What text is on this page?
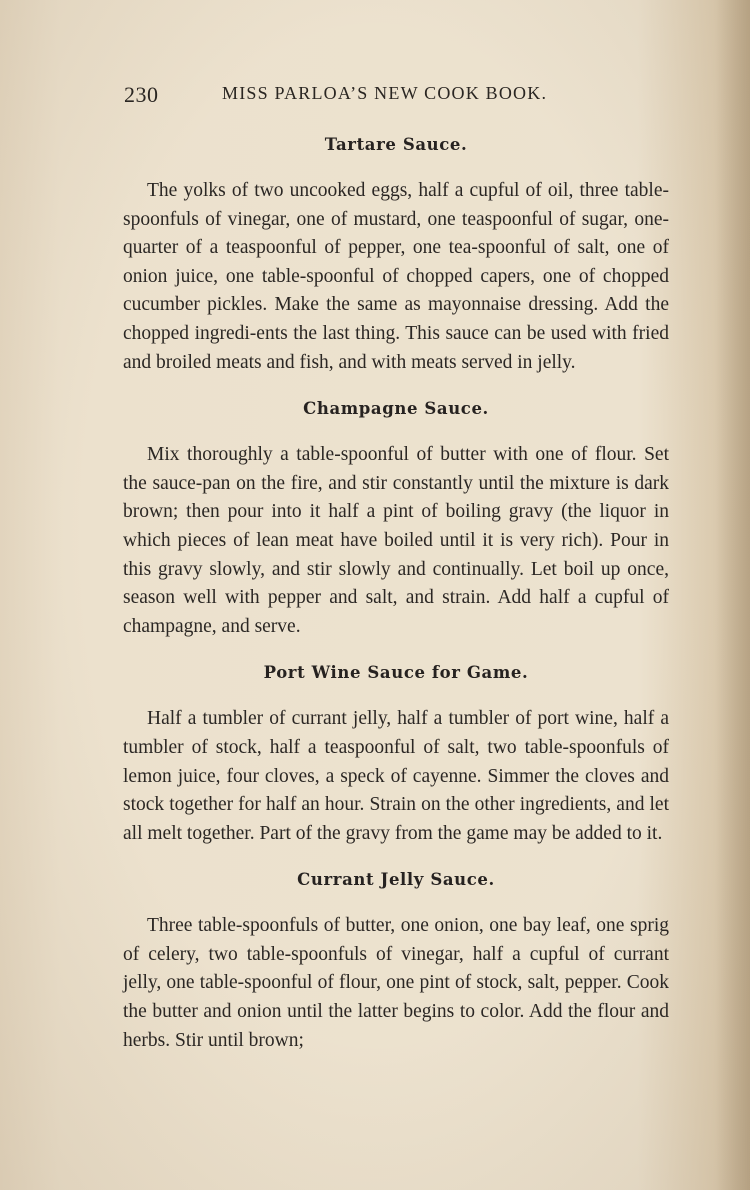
230	MISS PARLOA’S NEW COOK BOOK.
Tartare Sauce.

The yolks of two uncooked eggs, half a cupful of oil, three table-spoonfuls of vinegar, one of mustard, one teaspoonful of sugar, one-quarter of a teaspoonful of pepper, one tea-spoonful of salt, one of onion juice, one table-spoonful of chopped capers, one of chopped cucumber pickles. Make the same as mayonnaise dressing. Add the chopped ingredi-ents the last thing. This sauce can be used with fried and broiled meats and fish, and with meats served in jelly.

Champagne Sauce.

Mix thoroughly a table-spoonful of butter with one of flour. Set the sauce-pan on the fire, and stir constantly until the mixture is dark brown; then pour into it half a pint of boiling gravy (the liquor in which pieces of lean meat have boiled until it is very rich). Pour in this gravy slowly, and stir slowly and continually. Let boil up once, season well with pepper and salt, and strain. Add half a cupful of champagne, and serve.

Port Wine Sauce for Game.

Half a tumbler of currant jelly, half a tumbler of port wine, half a tumbler of stock, half a teaspoonful of salt, two table-spoonfuls of lemon juice, four cloves, a speck of cayenne. Simmer the cloves and stock together for half an hour. Strain on the other ingredients, and let all melt together. Part of the gravy from the game may be added to it.

Currant Jelly Sauce.

Three table-spoonfuls of butter, one onion, one bay leaf, one sprig of celery, two table-spoonfuls of vinegar, half a cupful of currant jelly, one table-spoonful of flour, one pint of stock, salt, pepper. Cook the butter and onion until the latter begins to color. Add the flour and herbs. Stir until brown;
